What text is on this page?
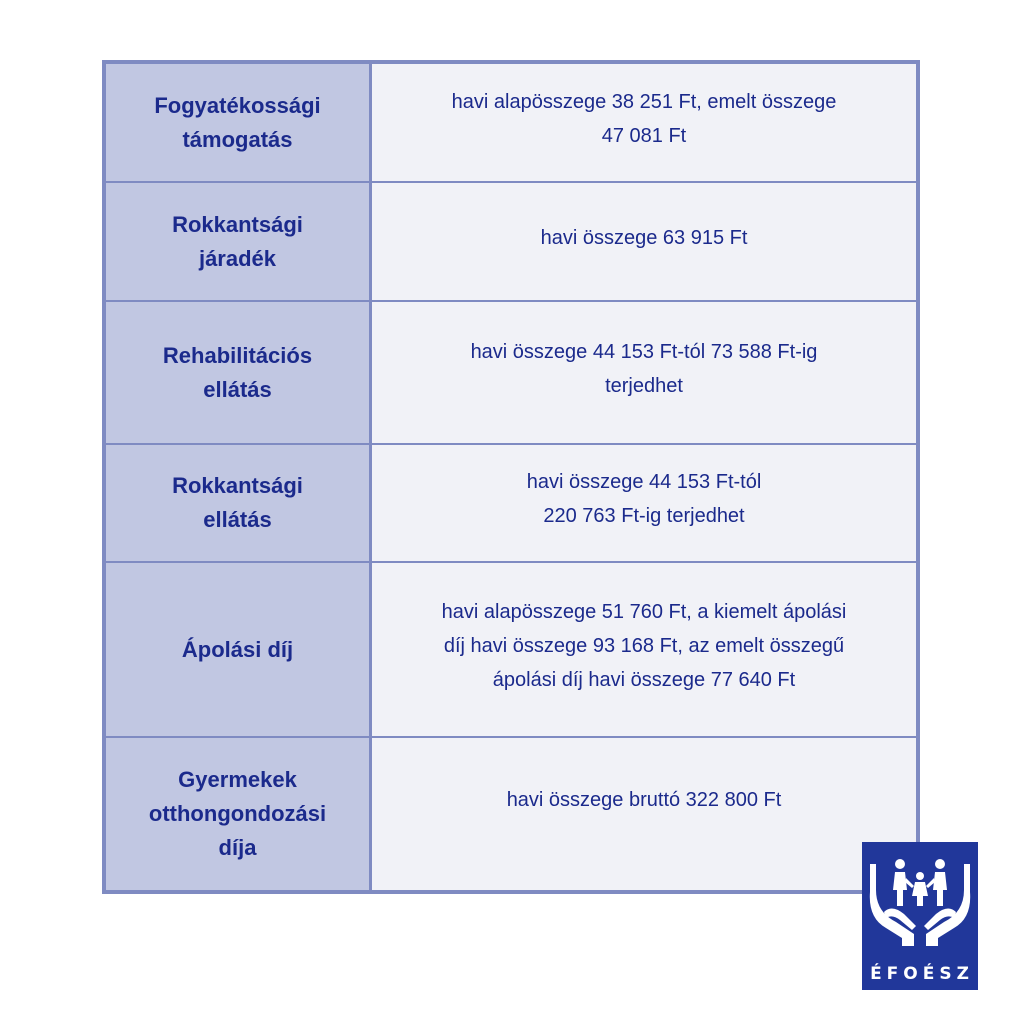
Fogyatékossági
támogatás
havi alapösszege 38 251 Ft, emelt összege
47 081 Ft
Rokkantsági
járadék
havi összege 63 915 Ft
Rehabilitációs
ellátás
havi összege 44 153 Ft-tól 73 588 Ft-ig
terjedhet
Rokkantsági
ellátás
havi összege 44 153 Ft-tól
220 763 Ft-ig terjedhet
Ápolási díj
havi alapösszege 51 760 Ft, a kiemelt ápolási
díj havi összege 93 168 Ft, az emelt összegű
ápolási díj havi összege 77 640 Ft
Gyermekek
otthongondozási
díja
havi összege bruttó 322 800 Ft
ÉFOÉSZ
